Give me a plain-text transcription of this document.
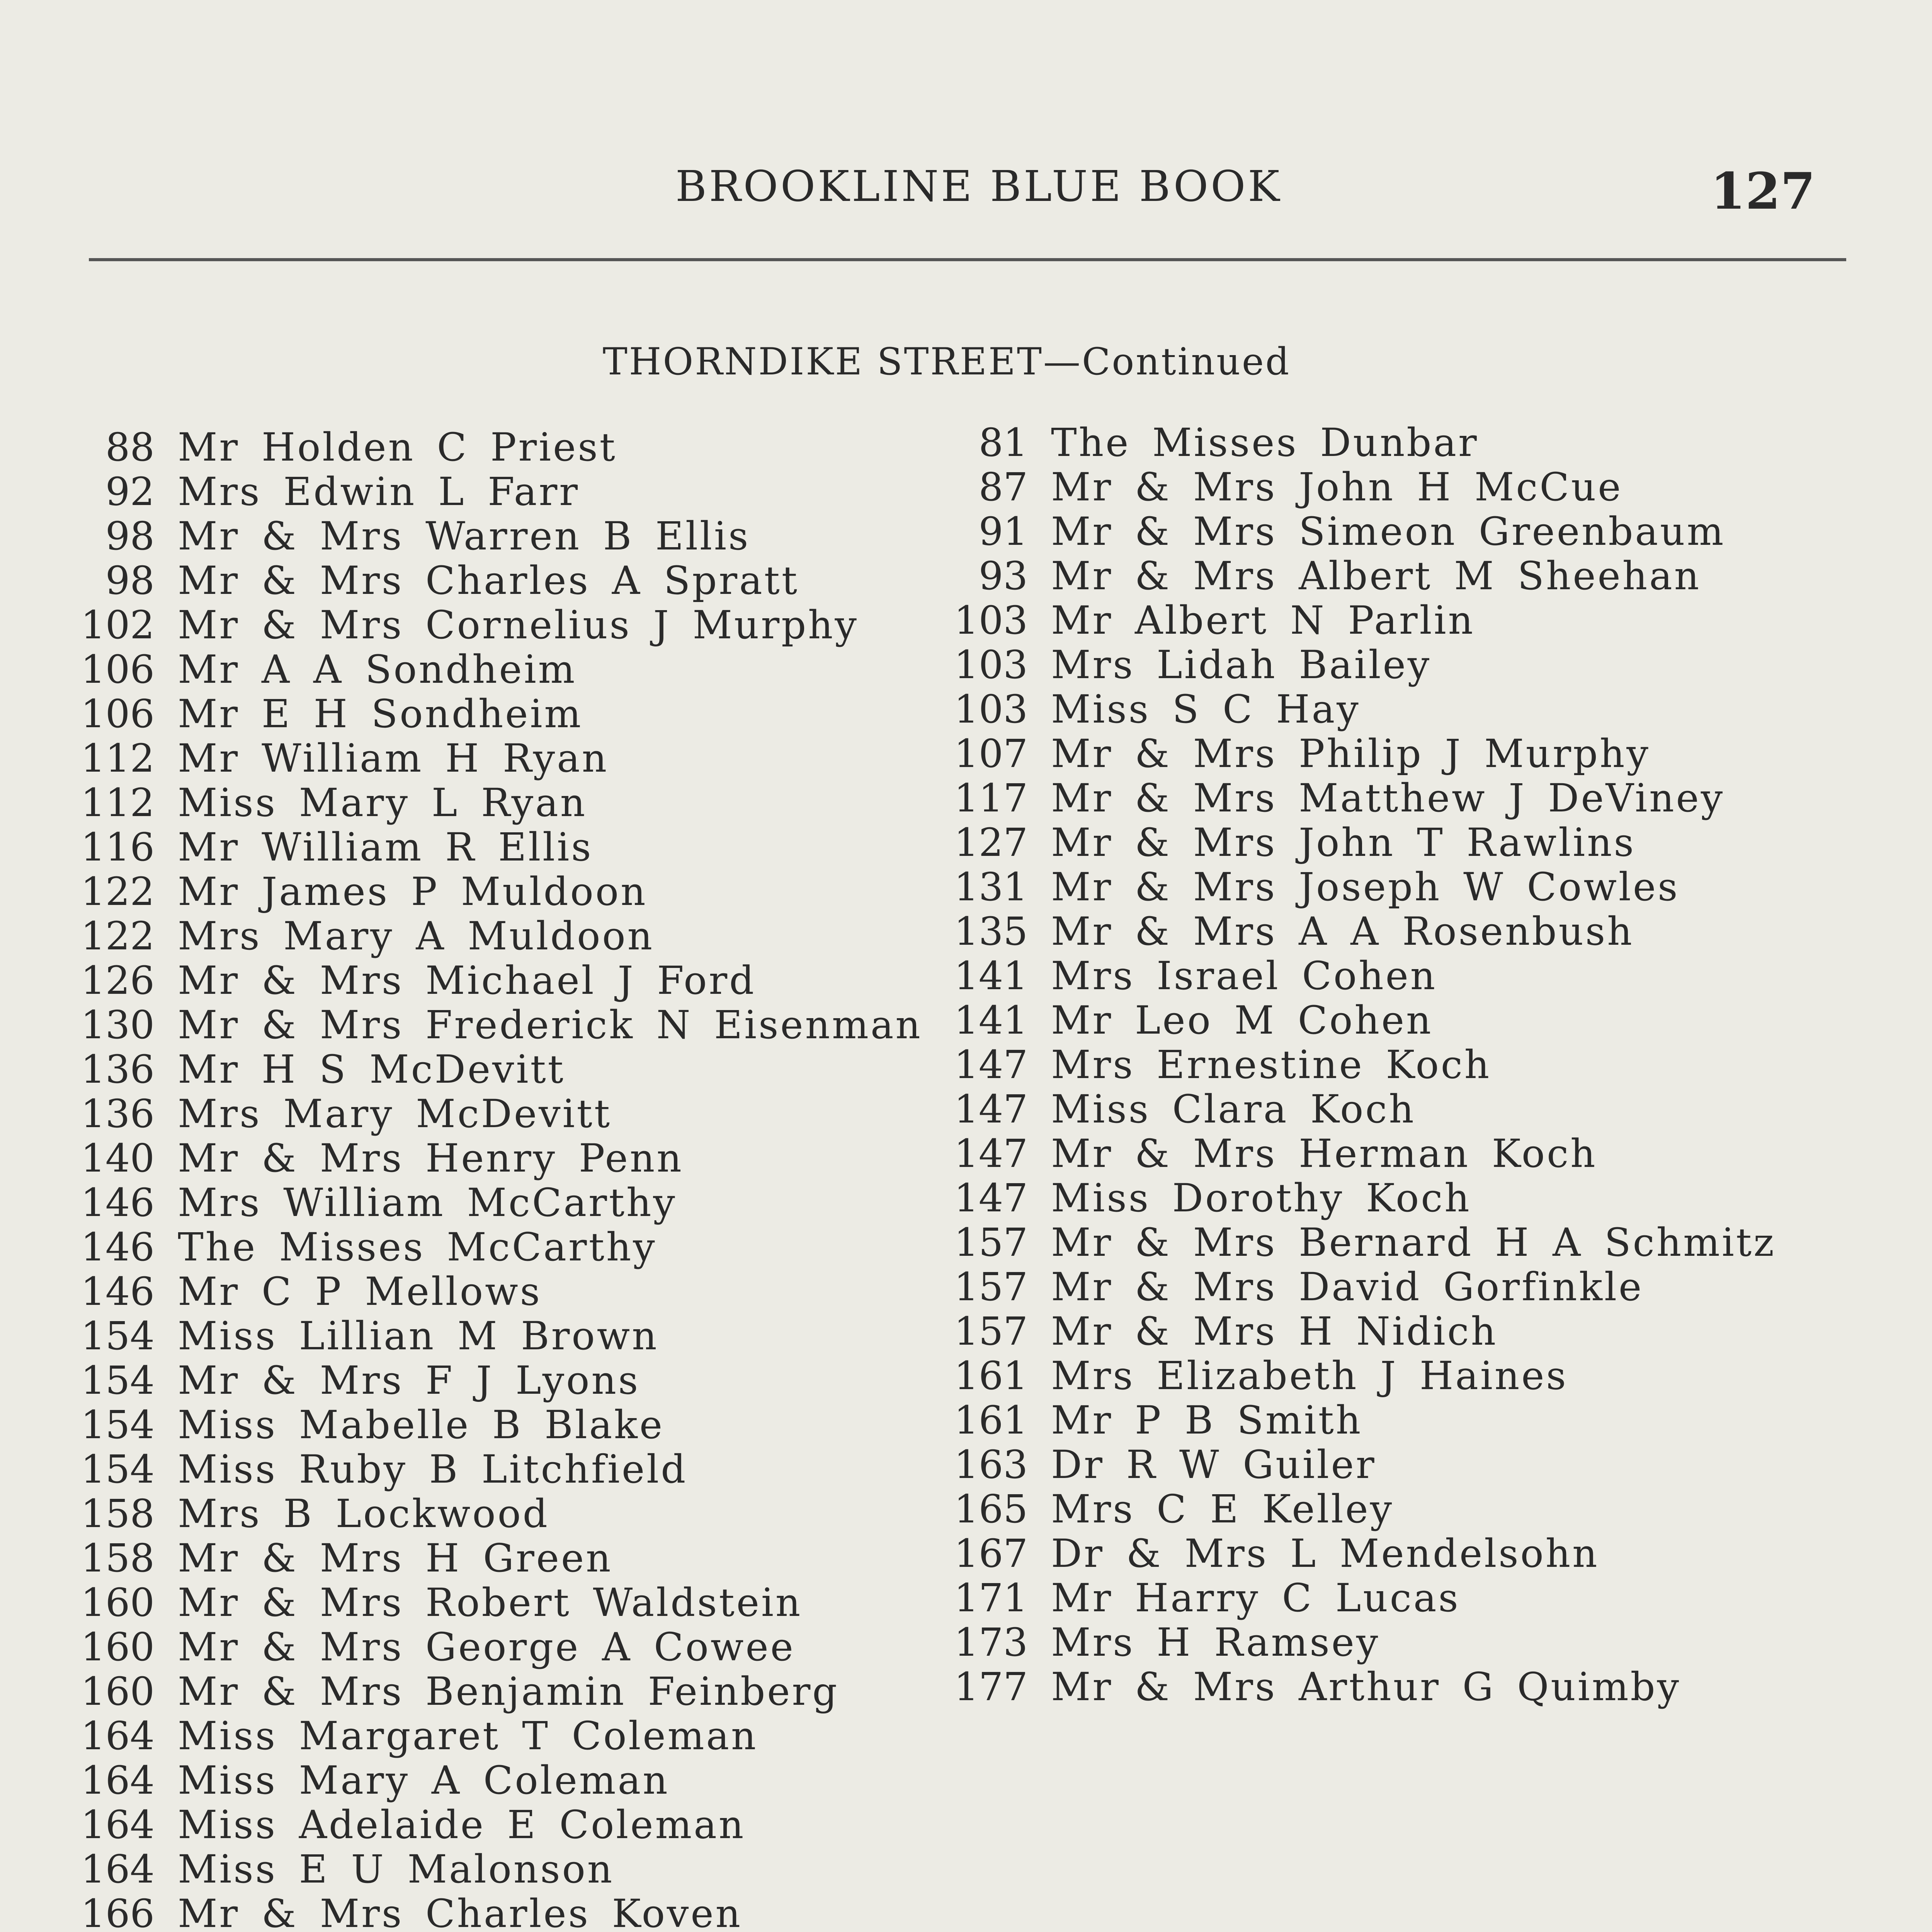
BROOKLINE BLUE BOOK	127
THORNDIKE STREET—Continued
88 Mr Holden C Priest
92 Mrs Edwin L Farr
98 Mr & Mrs Warren B Ellis
98 Mr & Mrs Charles A Spratt
102 Mr & Mrs Cornelius J Murphy
106 Mr A A Sondheim
106 Mr E H Sondheim
112 Mr William H Ryan
112 Miss Mary L Ryan
116 Mr William R Ellis
122 Mr James P Muldoon
122 Mrs Mary A Muldoon
126 Mr & Mrs Michael J Ford
130 Mr & Mrs Frederick N Eisenman
136 Mr H S McDevitt
136 Mrs Mary McDevitt
140 Mr & Mrs Henry Penn
146 Mrs William McCarthy
146 The Misses McCarthy
146 Mr C P Mellows
154 Miss Lillian M Brown
154 Mr & Mrs F J Lyons
154 Miss Mabelle B Blake
154 Miss Ruby B Litchfield
158 Mrs B Lockwood
158 Mr & Mrs H Green
160 Mr & Mrs Robert Waldstein
160 Mr & Mrs George A Cowee
160 Mr & Mrs Benjamin Feinberg
164 Miss Margaret T Coleman
164 Miss Mary A Coleman
164 Miss Adelaide E Coleman
164 Miss E U Malonson
166 Mr & Mrs Charles Koven
81 The Misses Dunbar
87 Mr & Mrs John H McCue
91 Mr & Mrs Simeon Greenbaum
93 Mr & Mrs Albert M Sheehan
103 Mr Albert N Parlin
103 Mrs Lidah Bailey
103 Miss S C Hay
107 Mr & Mrs Philip J Murphy
117 Mr & Mrs Matthew J DeViney
127 Mr & Mrs John T Rawlins
131 Mr & Mrs Joseph W Cowles
135 Mr & Mrs A A Rosenbush
141 Mrs Israel Cohen
141 Mr Leo M Cohen
147 Mrs Ernestine Koch
147 Miss Clara Koch
147 Mr & Mrs Herman Koch
147 Miss Dorothy Koch
157 Mr & Mrs Bernard H A Schmitz
157 Mr & Mrs David Gorfinkle
157 Mr & Mrs H Nidich
161 Mrs Elizabeth J Haines
161 Mr P B Smith
163 Dr R W Guiler
165 Mrs C E Kelley
167 Dr & Mrs L Mendelsohn
171 Mr Harry C Lucas
173 Mrs H Ramsey
177 Mr & Mrs Arthur G Quimby
